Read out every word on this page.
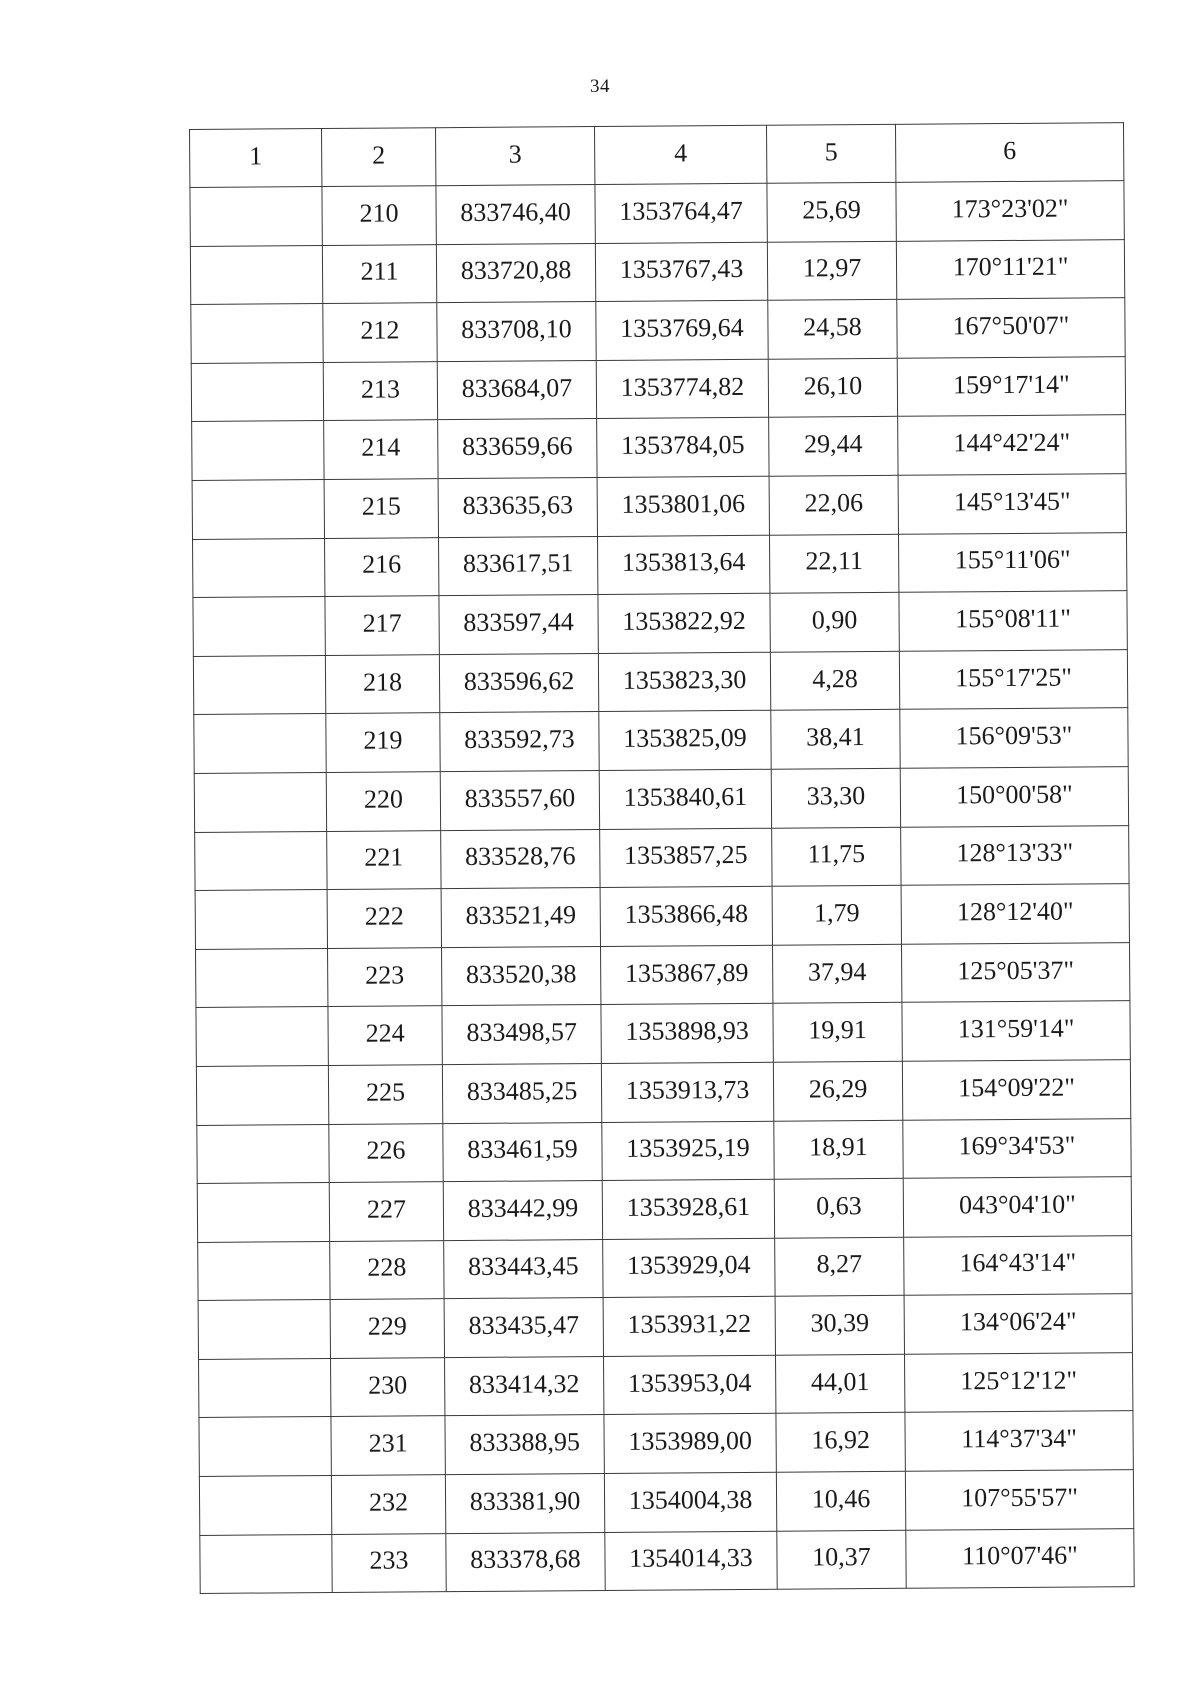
34
1	2	3	4	5	6
	210	833746,40	1353764,47	25,69	173°23'02"
	211	833720,88	1353767,43	12,97	170°11'21"
	212	833708,10	1353769,64	24,58	167°50'07"
	213	833684,07	1353774,82	26,10	159°17'14"
	214	833659,66	1353784,05	29,44	144°42'24"
	215	833635,63	1353801,06	22,06	145°13'45"
	216	833617,51	1353813,64	22,11	155°11'06"
	217	833597,44	1353822,92	0,90	155°08'11"
	218	833596,62	1353823,30	4,28	155°17'25"
	219	833592,73	1353825,09	38,41	156°09'53"
	220	833557,60	1353840,61	33,30	150°00'58"
	221	833528,76	1353857,25	11,75	128°13'33"
	222	833521,49	1353866,48	1,79	128°12'40"
	223	833520,38	1353867,89	37,94	125°05'37"
	224	833498,57	1353898,93	19,91	131°59'14"
	225	833485,25	1353913,73	26,29	154°09'22"
	226	833461,59	1353925,19	18,91	169°34'53"
	227	833442,99	1353928,61	0,63	043°04'10"
	228	833443,45	1353929,04	8,27	164°43'14"
	229	833435,47	1353931,22	30,39	134°06'24"
	230	833414,32	1353953,04	44,01	125°12'12"
	231	833388,95	1353989,00	16,92	114°37'34"
	232	833381,90	1354004,38	10,46	107°55'57"
	233	833378,68	1354014,33	10,37	110°07'46"
